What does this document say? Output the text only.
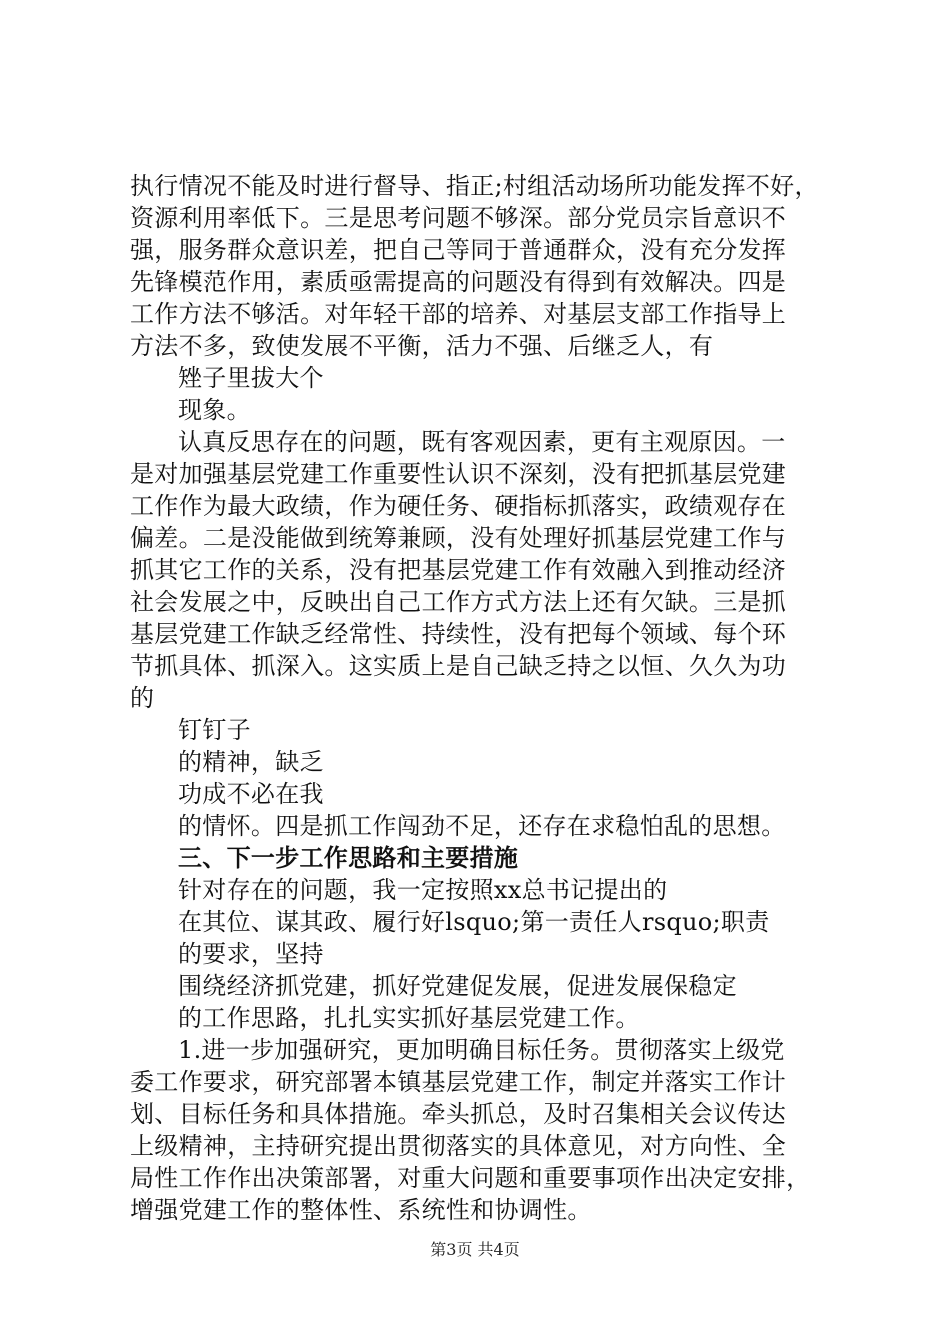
执行情况不能及时进行督导、指正;村组活动场所功能发挥不好，
资源利用率低下。三是思考问题不够深。部分党员宗旨意识不
强，服务群众意识差，把自己等同于普通群众，没有充分发挥
先锋模范作用，素质亟需提高的问题没有得到有效解决。四是
工作方法不够活。对年轻干部的培养、对基层支部工作指导上
方法不多，致使发展不平衡，活力不强、后继乏人，有
矬子里拔大个
现象。
认真反思存在的问题，既有客观因素，更有主观原因。一
是对加强基层党建工作重要性认识不深刻，没有把抓基层党建
工作作为最大政绩，作为硬任务、硬指标抓落实，政绩观存在
偏差。二是没能做到统筹兼顾，没有处理好抓基层党建工作与
抓其它工作的关系，没有把基层党建工作有效融入到推动经济
社会发展之中，反映出自己工作方式方法上还有欠缺。三是抓
基层党建工作缺乏经常性、持续性，没有把每个领域、每个环
节抓具体、抓深入。这实质上是自己缺乏持之以恒、久久为功
的
钉钉子
的精神，缺乏
功成不必在我
的情怀。四是抓工作闯劲不足，还存在求稳怕乱的思想。
三、下一步工作思路和主要措施
针对存在的问题，我一定按照xx总书记提出的
在其位、谋其政、履行好lsquo;第一责任人rsquo;职责
的要求，坚持
围绕经济抓党建，抓好党建促发展，促进发展保稳定
的工作思路，扎扎实实抓好基层党建工作。
1.进一步加强研究，更加明确目标任务。贯彻落实上级党
委工作要求，研究部署本镇基层党建工作，制定并落实工作计
划、目标任务和具体措施。牵头抓总，及时召集相关会议传达
上级精神，主持研究提出贯彻落实的具体意见，对方向性、全
局性工作作出决策部署，对重大问题和重要事项作出决定安排，
增强党建工作的整体性、系统性和协调性。
第3页 共4页
